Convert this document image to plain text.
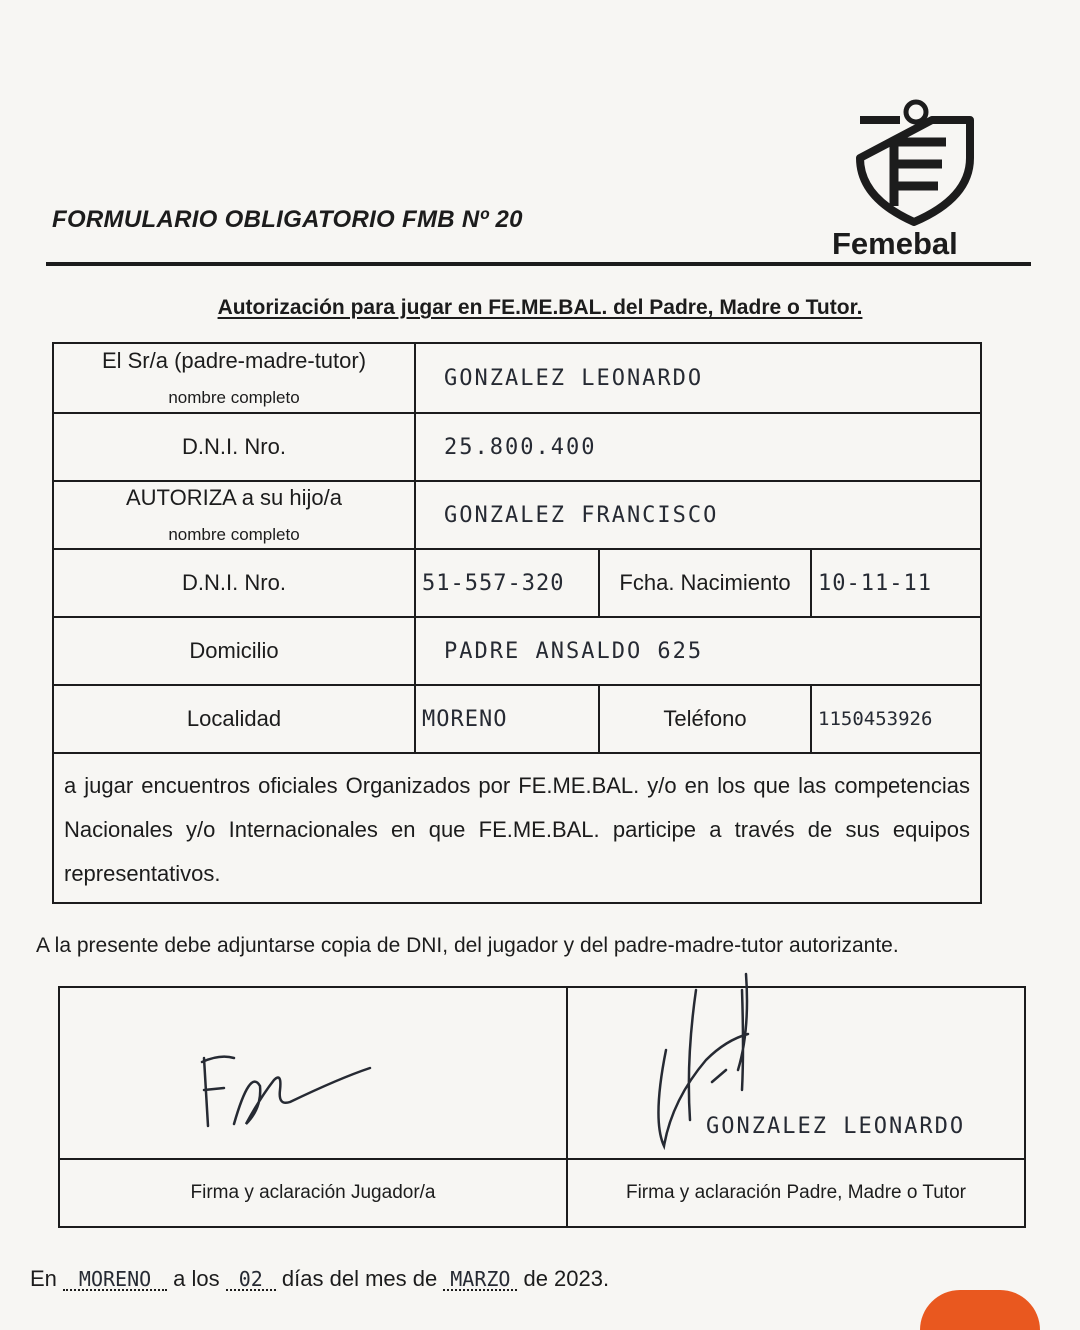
FORMULARIO OBLIGATORIO FMB Nº 20
Femebal
Autorización para jugar en FE.ME.BAL. del Padre, Madre o Tutor.
El Sr/a (padre-madre-tutor)
nombre completo	GONZALEZ LEONARDO		
D.N.I. Nro.	25.800.400		
AUTORIZA a su hijo/a
nombre completo	GONZALEZ FRANCISCO		
D.N.I. Nro.	51-557-320	Fcha. Nacimiento	10-11-11
Domicilio	PADRE ANSALDO 625		
Localidad	MORENO	Teléfono	1150453926
a jugar encuentros oficiales Organizados por FE.ME.BAL. y/o en los que las competencias Nacionales y/o Internacionales en que FE.ME.BAL. participe a través de sus equipos representativos.			
A la presente debe adjuntarse copia de DNI, del jugador y del padre-madre-tutor autorizante.

GONZALEZ LEONARDO

Firma y aclaración Jugador/a	Firma y aclaración Padre, Madre o Tutor
En MORENO a los 02 días del mes de MARZO de 2023.
